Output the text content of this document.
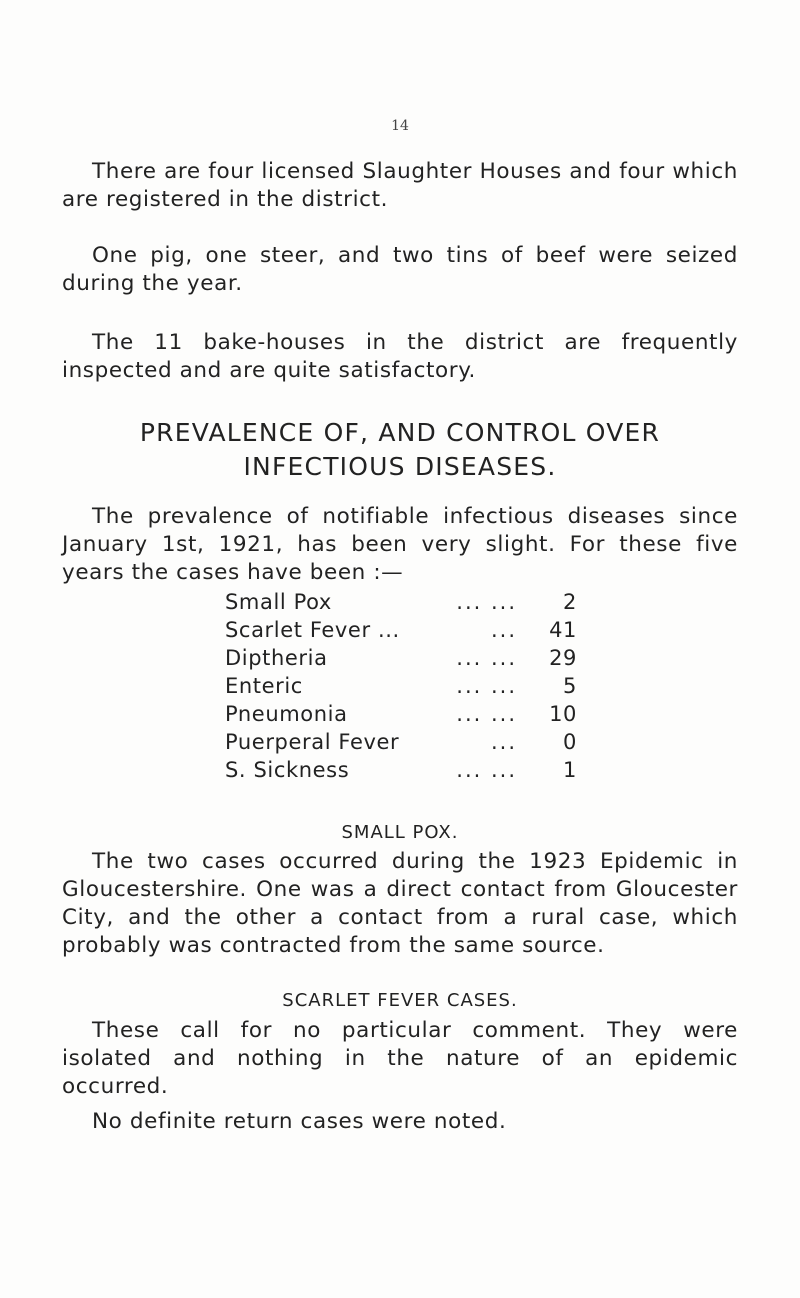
14

There are four licensed Slaughter Houses and four which are registered in the district.

One pig, one steer, and two tins of beef were seized during the year.

The 11 bake-houses in the district are frequently inspected and are quite satisfactory.

PREVALENCE OF, AND CONTROL OVER
INFECTIOUS DISEASES.

The prevalence of notifiable infectious diseases since January 1st, 1921, has been very slight. For these five years the cases have been :—

Small Pox	... ...	2
Scarlet Fever ...	...	41
Diptheria	... ...	29
Enteric	... ...	5
Pneumonia	... ...	10
Puerperal Fever	...	0
S. Sickness	... ...	1
SMALL POX.

The two cases occurred during the 1923 Epidemic in Gloucestershire. One was a direct contact from Gloucester City, and the other a contact from a rural case, which probably was contracted from the same source.

SCARLET FEVER CASES.

These call for no particular comment. They were isolated and nothing in the nature of an epidemic occurred.

No definite return cases were noted.
